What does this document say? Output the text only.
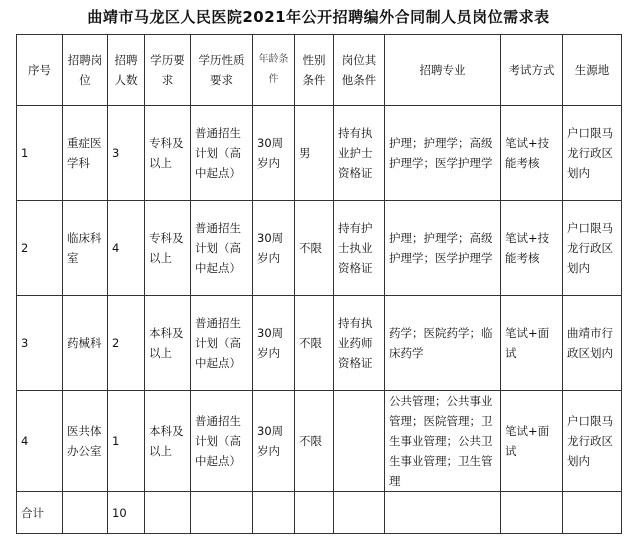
曲靖市马龙区人民医院2021年公开招聘编外合同制人员岗位需求表
序号	招聘岗位	招聘人数	学历要求	学历性质要求	年龄条件	性别条件	岗位其他条件	招聘专业	考试方式	生源地
1	重症医学科	3	专科及以上	普通招生计划（高中起点）	30周岁内	男	持有执业护士资格证	护理；护理学；高级护理学；医学护理学	笔试+技能考核	户口限马龙行政区划内
2	临床科室	4	专科及以上	普通招生计划（高中起点）	30周岁内	不限	持有护士执业资格证	护理；护理学；高级护理学；医学护理学	笔试+技能考核	户口限马龙行政区划内
3	药械科	2	本科及以上	普通招生计划（高中起点）	30周岁内	不限	持有执业药师资格证	药学；医院药学；临床药学	笔试+面试	曲靖市行政区划内
4	医共体办公室	1	本科及以上	普通招生计划（高中起点）	30周岁内	不限		公共管理；公共事业管理；医院管理；卫生事业管理；公共卫生事业管理；卫生管理	笔试+面试	户口限马龙行政区划内
合计		10								
